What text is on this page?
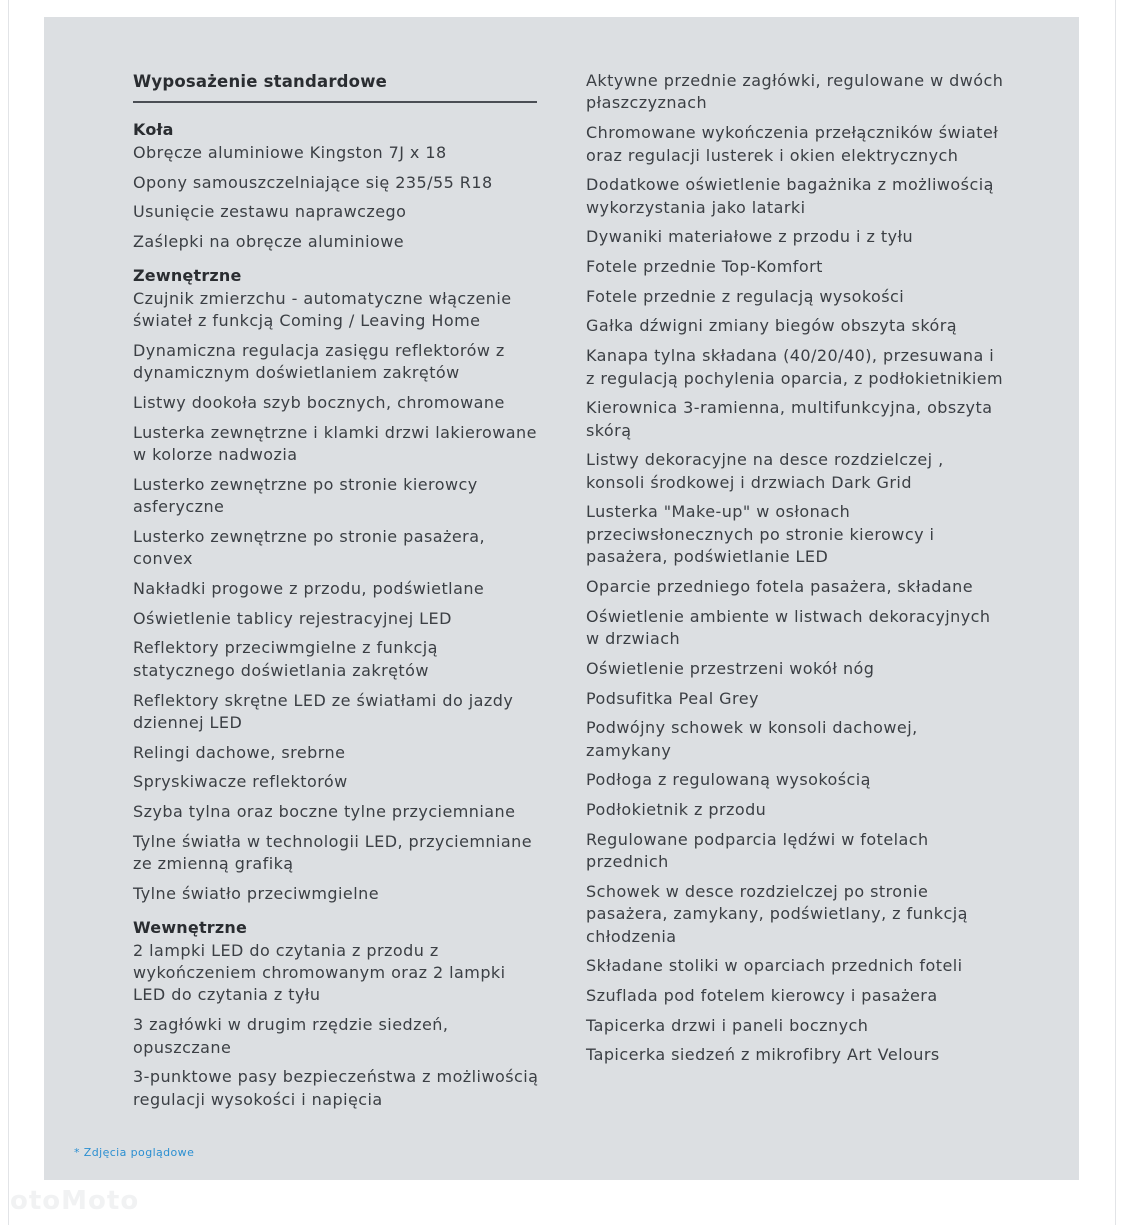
Wyposażenie standardowe
Koła
Obręcze aluminiowe Kingston 7J x 18
Opony samouszczelniające się 235/55 R18
Usunięcie zestawu naprawczego
Zaślepki na obręcze aluminiowe
Zewnętrzne
Czujnik zmierzchu - automatyczne włączenie świateł z funkcją Coming / Leaving Home
Dynamiczna regulacja zasięgu reflektorów z dynamicznym doświetlaniem zakrętów
Listwy dookoła szyb bocznych, chromowane
Lusterka zewnętrzne i klamki drzwi lakierowane w kolorze nadwozia
Lusterko zewnętrzne po stronie kierowcy asferyczne
Lusterko zewnętrzne po stronie pasażera, convex
Nakładki progowe z przodu, podświetlane
Oświetlenie tablicy rejestracyjnej LED
Reflektory przeciwmgielne z funkcją statycznego doświetlania zakrętów
Reflektory skrętne LED ze światłami do jazdy dziennej LED
Relingi dachowe, srebrne
Spryskiwacze reflektorów
Szyba tylna oraz boczne tylne przyciemniane
Tylne światła w technologii LED, przyciemniane ze zmienną grafiką
Tylne światło przeciwmgielne
Wewnętrzne
2 lampki LED do czytania z przodu z wykończeniem chromowanym oraz 2 lampki LED do czytania z tyłu
3 zagłówki w drugim rzędzie siedzeń, opuszczane
3-punktowe pasy bezpieczeństwa z możliwością regulacji wysokości i napięcia
Aktywne przednie zagłówki, regulowane w dwóch płaszczyznach
Chromowane wykończenia przełączników świateł oraz regulacji lusterek i okien elektrycznych
Dodatkowe oświetlenie bagażnika z możliwością wykorzystania jako latarki
Dywaniki materiałowe z przodu i z tyłu
Fotele przednie Top-Komfort
Fotele przednie z regulacją wysokości
Gałka dźwigni zmiany biegów obszyta skórą
Kanapa tylna składana (40/20/40), przesuwana i z regulacją pochylenia oparcia, z podłokietnikiem
Kierownica 3-ramienna, multifunkcyjna, obszyta skórą
Listwy dekoracyjne na desce rozdzielczej , konsoli środkowej i drzwiach Dark Grid
Lusterka "Make-up" w osłonach przeciwsłonecznych po stronie kierowcy i pasażera, podświetlanie LED
Oparcie przedniego fotela pasażera, składane
Oświetlenie ambiente w listwach dekoracyjnych w drzwiach
Oświetlenie przestrzeni wokół nóg
Podsufitka Peal Grey
Podwójny schowek w konsoli dachowej, zamykany
Podłoga z regulowaną wysokością
Podłokietnik z przodu
Regulowane podparcia lędźwi w fotelach przednich
Schowek w desce rozdzielczej po stronie pasażera, zamykany, podświetlany, z funkcją chłodzenia
Składane stoliki w oparciach przednich foteli
Szuflada pod fotelem kierowcy i pasażera
Tapicerka drzwi i paneli bocznych
Tapicerka siedzeń z mikrofibry Art Velours
* Zdjęcia poglądowe
otoMoto
